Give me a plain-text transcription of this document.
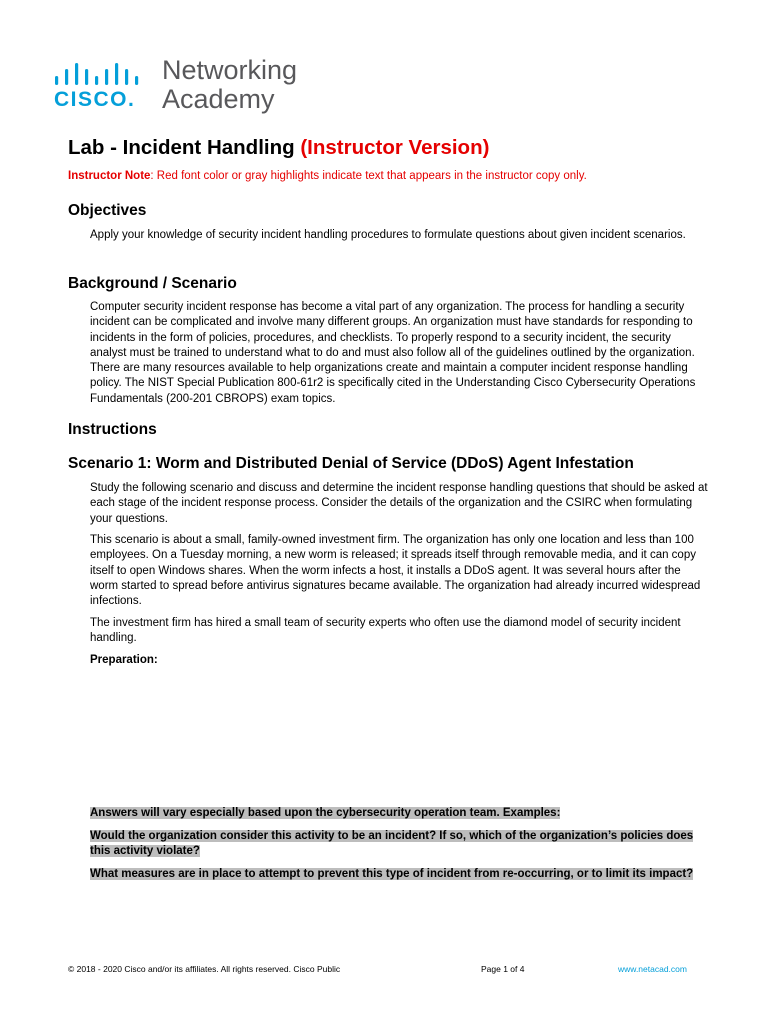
CISCO.
Networking
Academy
Lab - Incident Handling (Instructor Version)

Instructor Note: Red font color or gray highlights indicate text that appears in the instructor copy only.

Objectives

Apply your knowledge of security incident handling procedures to formulate questions about given incident scenarios.

Background / Scenario

Computer security incident response has become a vital part of any organization. The process for handling a security incident can be complicated and involve many different groups. An organization must have standards for responding to incidents in the form of policies, procedures, and checklists. To properly respond to a security incident, the security analyst must be trained to understand what to do and must also follow all of the guidelines outlined by the organization. There are many resources available to help organizations create and maintain a computer incident response handling policy. The NIST Special Publication 800-61r2 is specifically cited in the Understanding Cisco Cybersecurity Operations Fundamentals (200-201 CBROPS) exam topics.

Instructions
Scenario 1: Worm and Distributed Denial of Service (DDoS) Agent Infestation

Study the following scenario and discuss and determine the incident response handling questions that should be asked at each stage of the incident response process. Consider the details of the organization and the CSIRC when formulating your questions.

This scenario is about a small, family-owned investment firm. The organization has only one location and less than 100 employees. On a Tuesday morning, a new worm is released; it spreads itself through removable media, and it can copy itself to open Windows shares. When the worm infects a host, it installs a DDoS agent. It was several hours after the worm started to spread before antivirus signatures became available. The organization had already incurred widespread infections.

The investment firm has hired a small team of security experts who often use the diamond model of security incident handling.

Preparation:

Answers will vary especially based upon the cybersecurity operation team. Examples:

Would the organization consider this activity to be an incident? If so, which of the organization’s policies does this activity violate?

What measures are in place to attempt to prevent this type of incident from re-occurring, or to limit its impact?

© 2018 - 2020 Cisco and/or its affiliates. All rights reserved. Cisco Public	Page 1 of 4	www.netacad.com
